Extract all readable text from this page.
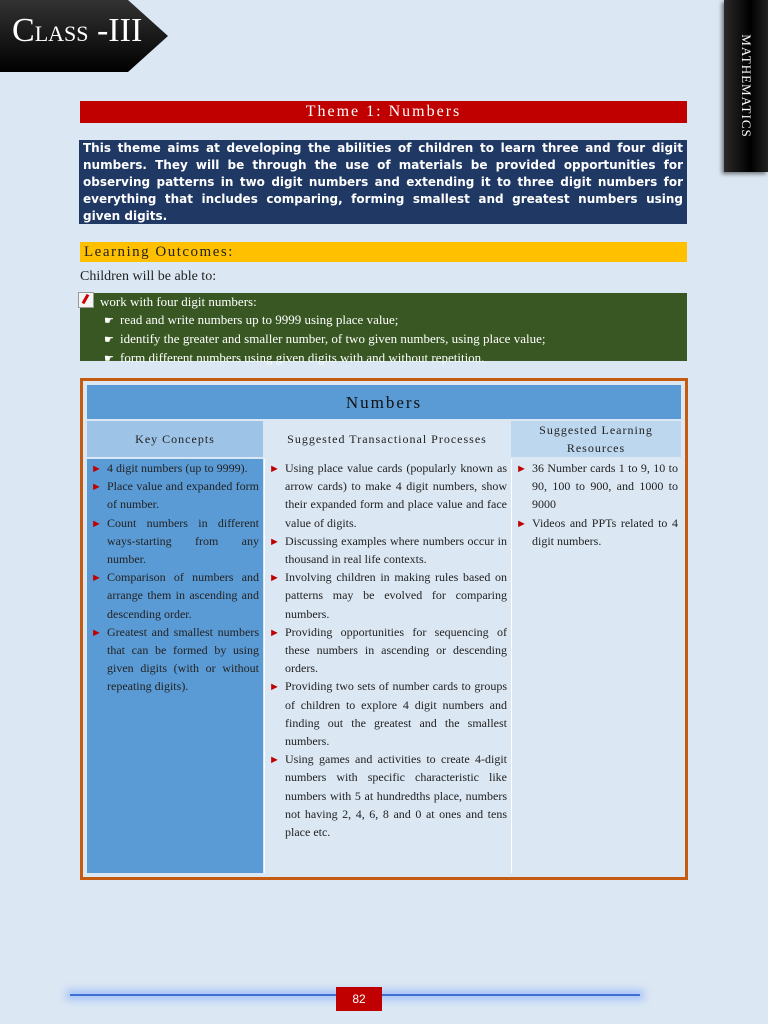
CLASS -III
MATHEMATICS
Theme 1: Numbers
This theme aims at developing the abilities of children to learn three and four digit numbers. They will be through the use of materials be provided opportunities for observing patterns in two digit numbers and extending it to three digit numbers for everything that includes comparing, forming smallest and greatest numbers using given digits.
Learning Outcomes:
Children will be able to:
work with four digit numbers:
☛ read and write numbers up to 9999 using place value;
☛ identify the greater and smaller number, of two given numbers, using place value;
☛ form different numbers using given digits with and without repetition.
Numbers
Key Concepts	Suggested Transactional Processes
Suggested Learning Resources
► 4 digit numbers (up to 9999).
► Place value and expanded form of number.
► Count numbers in different ways-starting from any number.
► Comparison of numbers and arrange them in ascending and descending order.
► Greatest and smallest numbers that can be formed by using given digits (with or without repeating digits).
► Using place value cards (popularly known as arrow cards) to make 4 digit numbers, show their expanded form and place value and face value of digits.
► Discussing examples where numbers occur in thousand in real life contexts.
► Involving children in making rules based on patterns may be evolved for comparing numbers.
► Providing opportunities for sequencing of these numbers in ascending or descending orders.
► Providing two sets of number cards to groups of children to explore 4 digit numbers and finding out the greatest and the smallest numbers.
► Using games and activities to create 4-digit numbers with specific characteristic like numbers with 5 at hundredths place, numbers not having 2, 4, 6, 8 and 0 at ones and tens place etc.
► 36 Number cards 1 to 9, 10 to 90, 100 to 900, and 1000 to 9000
► Videos and PPTs related to 4 digit numbers.
82
